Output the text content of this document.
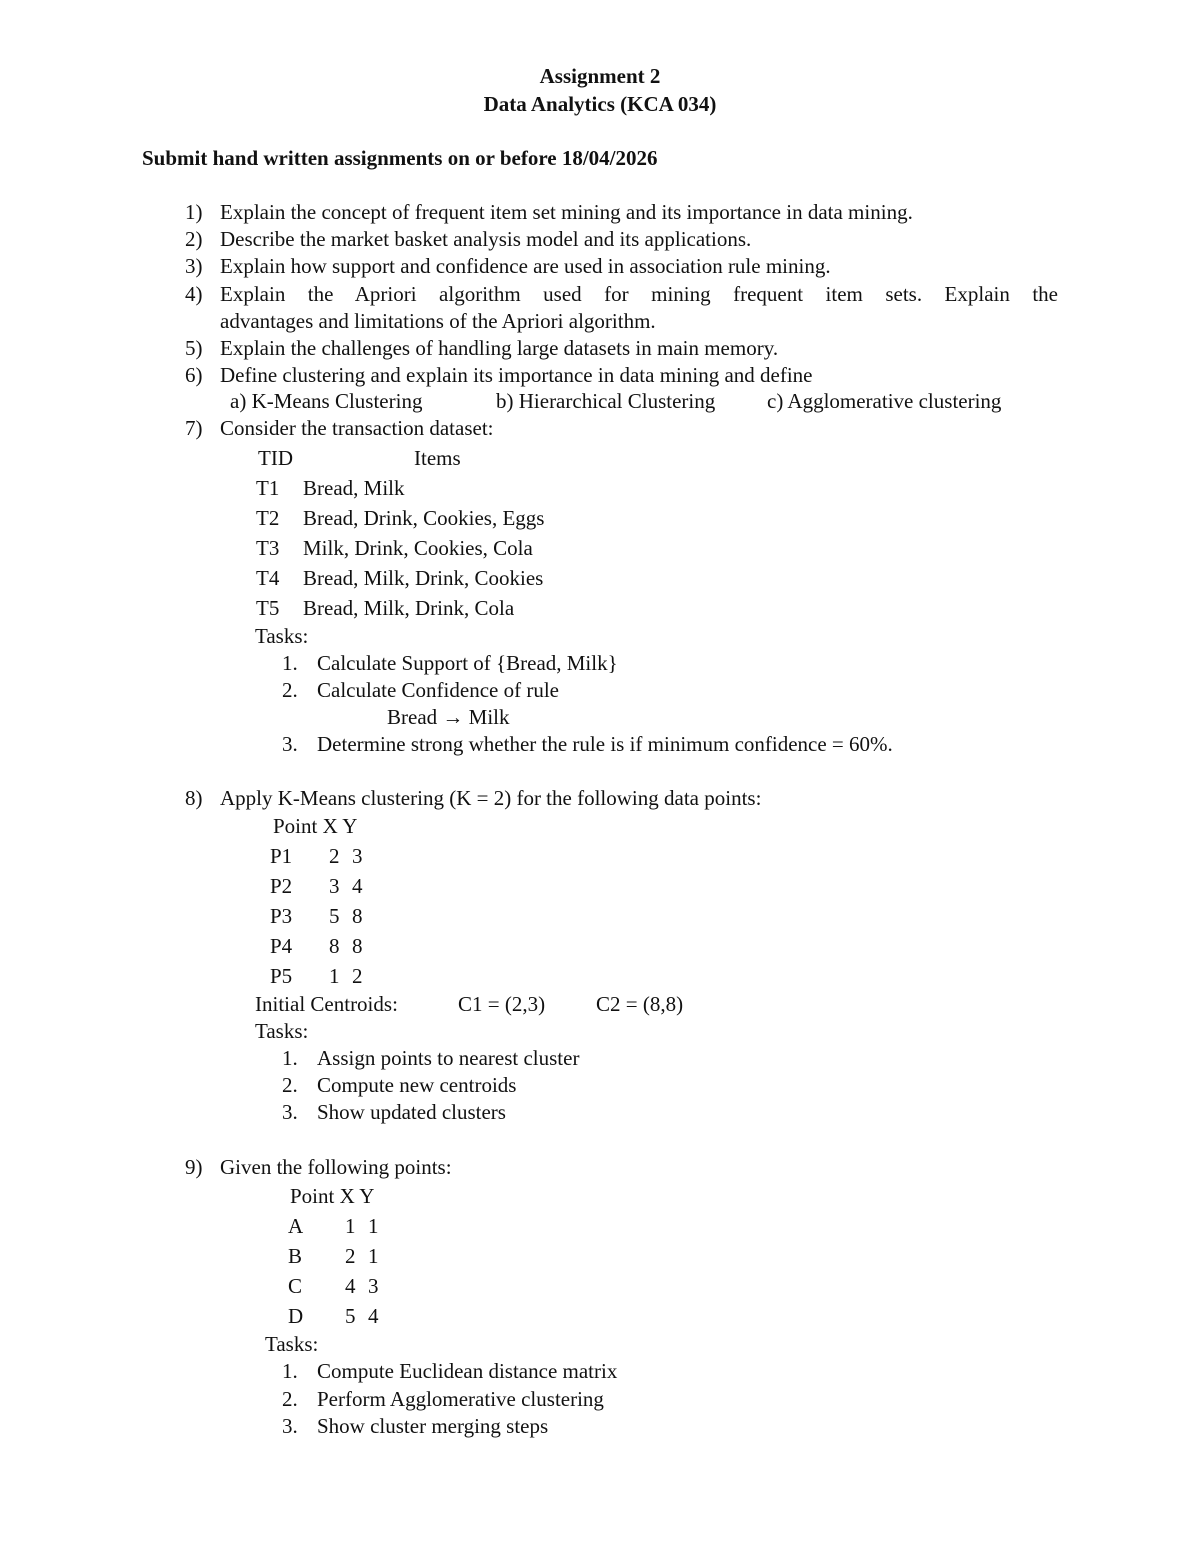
Assignment 2
Data Analytics (KCA 034)
Submit hand written assignments on or before 18/04/2026
1) Explain the concept of frequent item set mining and its importance in data mining.
2) Describe the market basket analysis model and its applications.
3) Explain how support and confidence are used in association rule mining.
4) Explain the Apriori algorithm used for mining frequent item sets. Explain the
advantages and limitations of the Apriori algorithm.
5) Explain the challenges of handling large datasets in main memory.
6) Define clustering and explain its importance in data mining and define
a) K-Means Clustering	b) Hierarchical Clustering c) Agglomerative clustering
7) Consider the transaction dataset:
TID	Items
T1 Bread, Milk
T2 Bread, Drink, Cookies, Eggs
T3 Milk, Drink, Cookies, Cola
T4 Bread, Milk, Drink, Cookies
T5 Bread, Milk, Drink, Cola
Tasks:
1. Calculate Support of {Bread, Milk}
2. Calculate Confidence of rule
Bread → Milk
3. Determine strong whether the rule is if minimum confidence = 60%.
8) Apply K-Means clustering (K = 2) for the following data points:
Point X Y
P1 2 3
P2 3 4
P3 5 8
P4 8 8
P5 1 2
Initial Centroids:	C1 = (2,3) C2 = (8,8)
Tasks:
1. Assign points to nearest cluster
2. Compute new centroids
3. Show updated clusters
9) Given the following points:
Point X Y
A 1 1
B 2 1
C 4 3
D 5 4
Tasks:
1. Compute Euclidean distance matrix
2. Perform Agglomerative clustering
3. Show cluster merging steps
